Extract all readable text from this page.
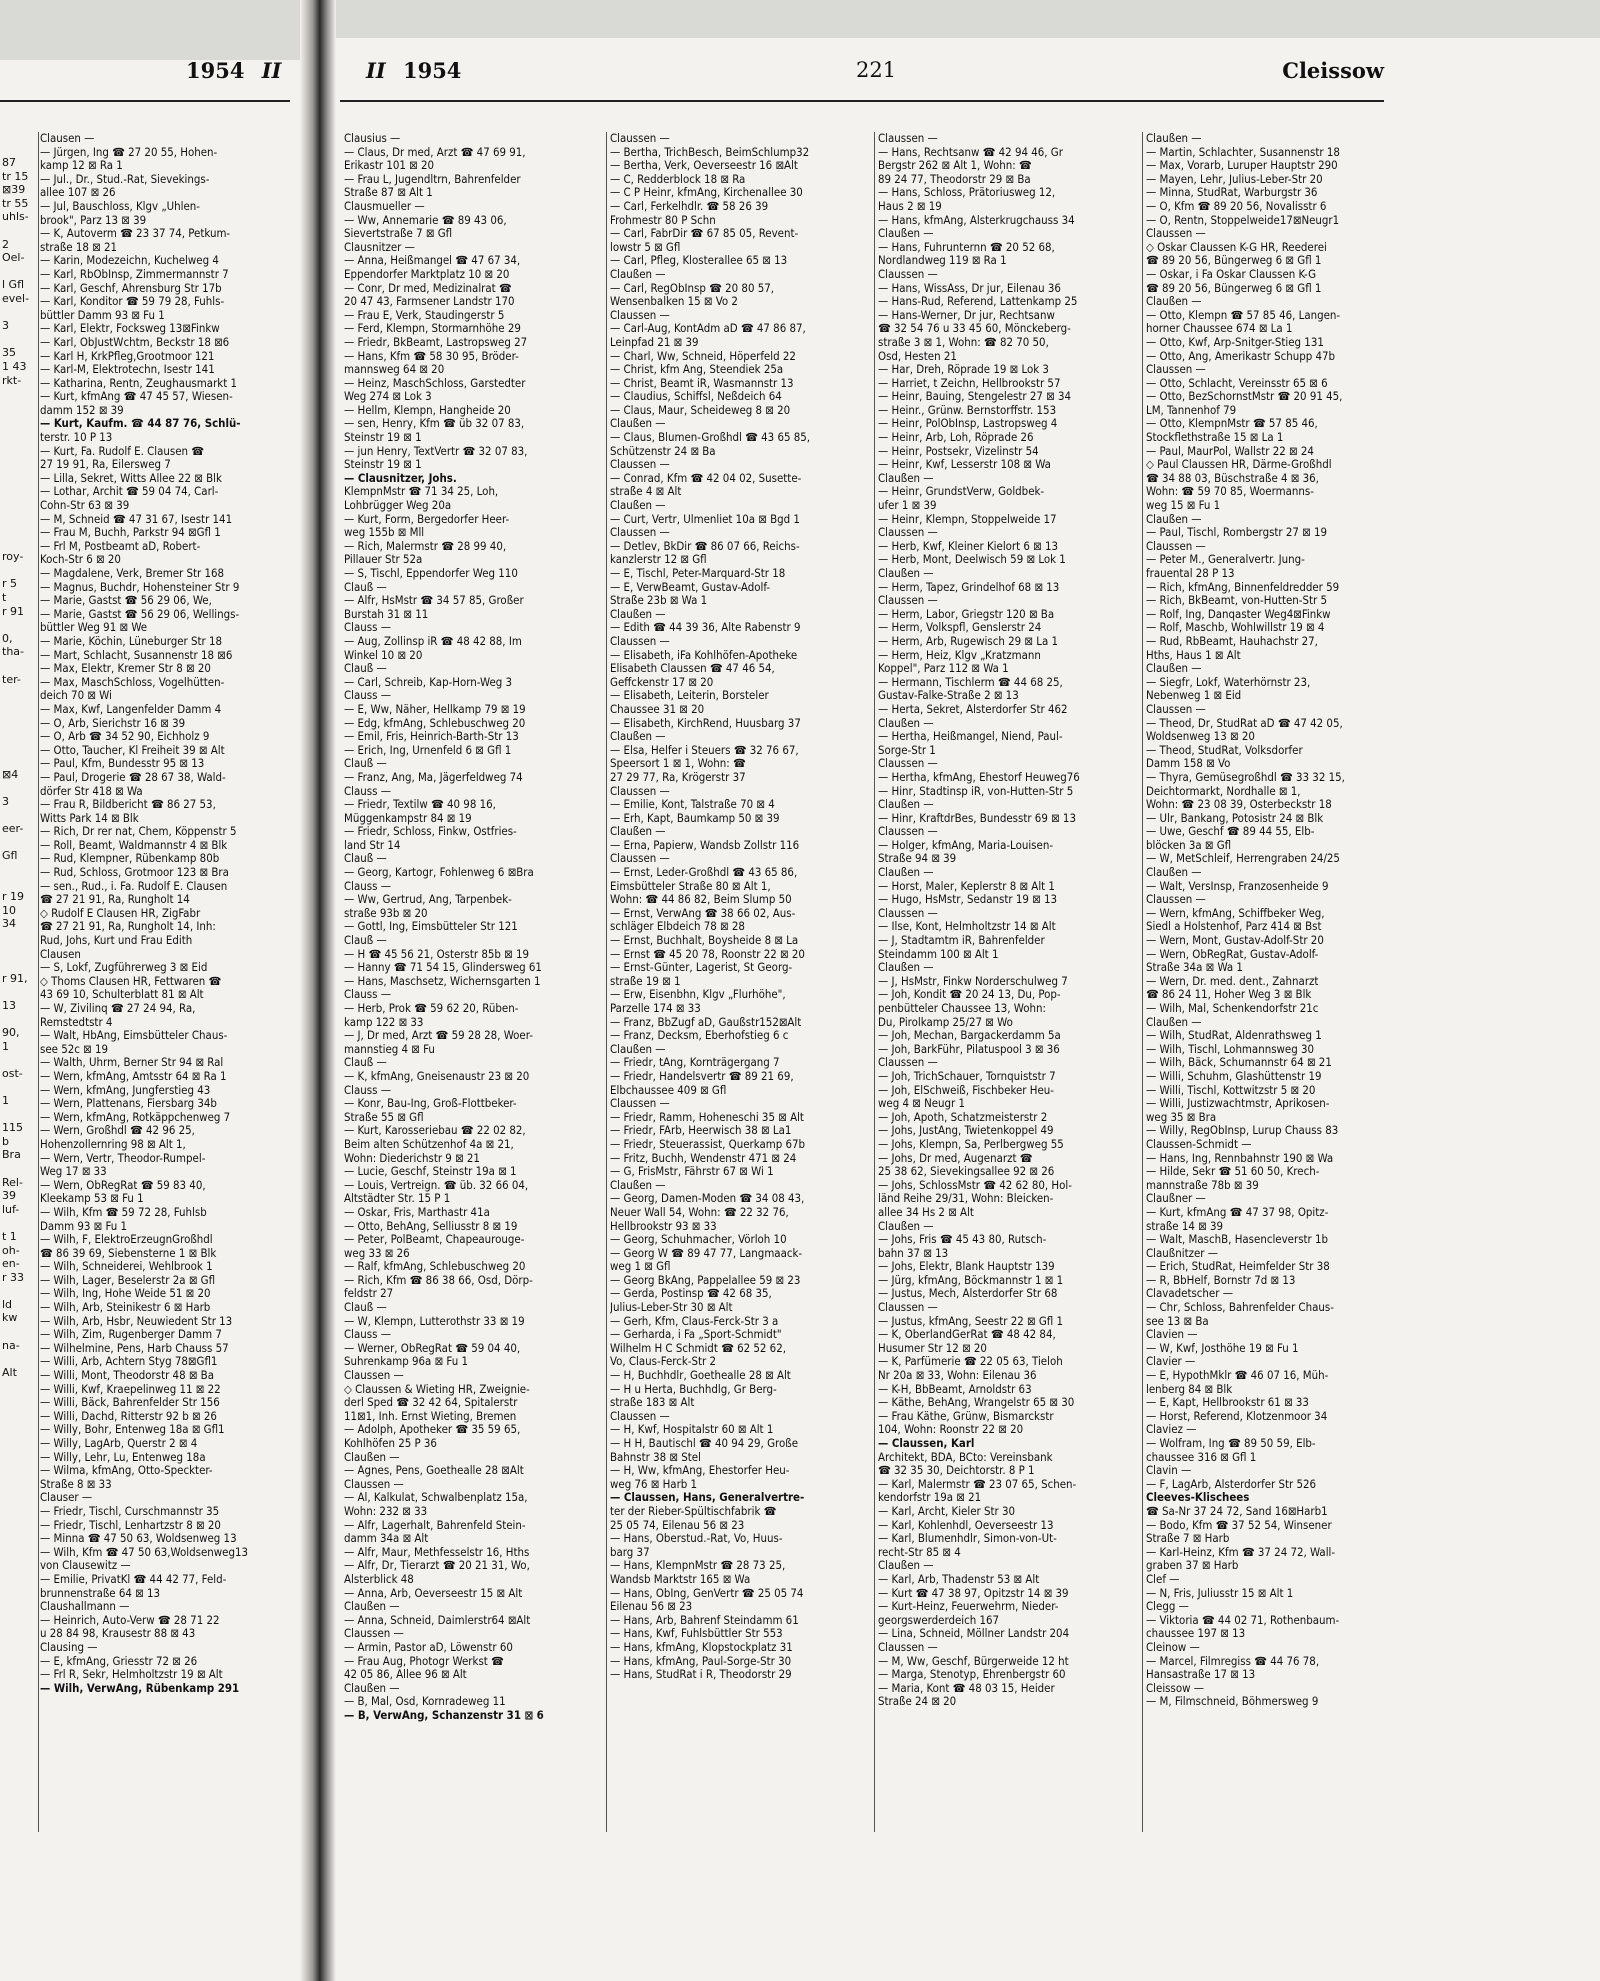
1954 II	II 1954	221	Cleissow
87
tr 15
⊠39
tr 55
uhls-
2
Oel-
l Gfl
evel-
3
35
1 43
rkt-
roy-
r 5
t
r 91
0,
tha-
ter-
⊠4
3
eer-
Gfl
r 19
10
34
r 91,
13
90,
1
ost-
1
115
b
Bra
Rel-
39
luf-
t 1
oh-
en-
r 33
ld
kw
na-
Alt
Clausen —
— Jürgen, Ing ☎ 27 20 55, Hohen-
kamp 12 ⊠ Ra 1
— Jul., Dr., Stud.-Rat, Sievekings-
allee 107 ⊠ 26
— Jul, Bauschloss, Klgv „Uhlen-
brook", Parz 13 ⊠ 39
— K, Autoverm ☎ 23 37 74, Petkum-
straße 18 ⊠ 21
— Karin, Modezeichn, Kuchelweg 4
— Karl, RbObInsp, Zimmermannstr 7
— Karl, Geschf, Ahrensburg Str 17b
— Karl, Konditor ☎ 59 79 28, Fuhls-
büttler Damm 93 ⊠ Fu 1
— Karl, Elektr, Focksweg 13⊠Finkw
— Karl, ObJustWchtm, Beckstr 18 ⊠6
— Karl H, KrkPfleg,Grootmoor 121
— Karl-M, Elektrotechn, Isestr 141
— Katharina, Rentn, Zeughausmarkt 1
— Kurt, kfmAng ☎ 47 45 57, Wiesen-
damm 152 ⊠ 39
— Kurt, Kaufm. ☎ 44 87 76, Schlü-
terstr. 10 P 13
— Kurt, Fa. Rudolf E. Clausen ☎
27 19 91, Ra, Eilersweg 7
— Lilla, Sekret, Witts Allee 22 ⊠ Blk
— Lothar, Archit ☎ 59 04 74, Carl-
Cohn-Str 63 ⊠ 39
— M, Schneid ☎ 47 31 67, Isestr 141
— Frau M, Buchh, Parkstr 94 ⊠Gfl 1
— Frl M, Postbeamt aD, Robert-
Koch-Str 6 ⊠ 20
— Magdalene, Verk, Bremer Str 168
— Magnus, Buchdr, Hohensteiner Str 9
— Marie, Gastst ☎ 56 29 06, We,
— Marie, Gastst ☎ 56 29 06, Wellings-
büttler Weg 91 ⊠ We
— Marie, Köchin, Lüneburger Str 18
— Mart, Schlacht, Susannenstr 18 ⊠6
— Max, Elektr, Kremer Str 8 ⊠ 20
— Max, MaschSchloss, Vogelhütten-
deich 70 ⊠ Wi
— Max, Kwf, Langenfelder Damm 4
— O, Arb, Sierichstr 16 ⊠ 39
— O, Arb ☎ 34 52 90, Eichholz 9
— Otto, Taucher, Kl Freiheit 39 ⊠ Alt
— Paul, Kfm, Bundesstr 95 ⊠ 13
— Paul, Drogerie ☎ 28 67 38, Wald-
dörfer Str 418 ⊠ Wa
— Frau R, Bildbericht ☎ 86 27 53,
Witts Park 14 ⊠ Blk
— Rich, Dr rer nat, Chem, Köppenstr 5
— Roll, Beamt, Waldmannstr 4 ⊠ Blk
— Rud, Klempner, Rübenkamp 80b
— Rud, Schloss, Grotmoor 123 ⊠ Bra
— sen., Rud., i. Fa. Rudolf E. Clausen
☎ 27 21 91, Ra, Rungholt 14
◇ Rudolf E Clausen HR, ZigFabr
☎ 27 21 91, Ra, Rungholt 14, Inh:
Rud, Johs, Kurt und Frau Edith
Clausen
— S, Lokf, Zugführerweg 3 ⊠ Eid
◇ Thoms Clausen HR, Fettwaren ☎
43 69 10, Schulterblatt 81 ⊠ Alt
— W, Zivilinq ☎ 27 24 94, Ra,
Remstedtstr 4
— Walt, HbAng, Eimsbütteler Chaus-
see 52c ⊠ 19
— Walth, Uhrm, Berner Str 94 ⊠ Ral
— Wern, kfmAng, Amtsstr 64 ⊠ Ra 1
— Wern, kfmAng, Jungferstieg 43
— Wern, Plattenans, Fiersbarg 34b
— Wern, kfmAng, Rotkäppchenweg 7
— Wern, Großhdl ☎ 42 96 25,
Hohenzollernring 98 ⊠ Alt 1,
— Wern, Vertr, Theodor-Rumpel-
Weg 17 ⊠ 33
— Wern, ObRegRat ☎ 59 83 40,
Kleekamp 53 ⊠ Fu 1
— Wilh, Kfm ☎ 59 72 28, Fuhlsb
Damm 93 ⊠ Fu 1
— Wilh, F, ElektroErzeugnGroßhdl
☎ 86 39 69, Siebensterne 1 ⊠ Blk
— Wilh, Schneiderei, Wehlbrook 1
— Wilh, Lager, Beselerstr 2a ⊠ Gfl
— Wilh, Ing, Hohe Weide 51 ⊠ 20
— Wilh, Arb, Steinikestr 6 ⊠ Harb
— Wilh, Arb, Hsbr, Neuwiedent Str 13
— Wilh, Zim, Rugenberger Damm 7
— Wilhelmine, Pens, Harb Chauss 57
— Willi, Arb, Achtern Styg 78⊠Gfl1
— Willi, Mont, Theodorstr 48 ⊠ Ba
— Willi, Kwf, Kraepelinweg 11 ⊠ 22
— Willi, Bäck, Bahrenfelder Str 156
— Willi, Dachd, Ritterstr 92 b ⊠ 26
— Willy, Bohr, Entenweg 18a ⊠ Gfl1
— Willy, LagArb, Querstr 2 ⊠ 4
— Willy, Lehr, Lu, Entenweg 18a
— Wilma, kfmAng, Otto-Speckter-
Straße 8 ⊠ 33
Clauser —
— Friedr, Tischl, Curschmannstr 35
— Friedr, Tischl, Lenhartzstr 8 ⊠ 20
— Minna ☎ 47 50 63, Woldsenweg 13
— Wilh, Kfm ☎ 47 50 63,Woldsenweg13
von Clausewitz —
— Emilie, PrivatKl ☎ 44 42 77, Feld-
brunnenstraße 64 ⊠ 13
Claushallmann —
— Heinrich, Auto-Verw ☎ 28 71 22
u 28 84 98, Krausestr 88 ⊠ 43
Clausing —
— E, kfmAng, Griesstr 72 ⊠ 26
— Frl R, Sekr, Helmholtzstr 19 ⊠ Alt
— Wilh, VerwAng, Rübenkamp 291
Clausius —
— Claus, Dr med, Arzt ☎ 47 69 91,
Erikastr 101 ⊠ 20
— Frau L, Jugendltrn, Bahrenfelder
Straße 87 ⊠ Alt 1
Clausmueller —
— Ww, Annemarie ☎ 89 43 06,
Sievertstraße 7 ⊠ Gfl
Clausnitzer —
— Anna, Heißmangel ☎ 47 67 34,
Eppendorfer Marktplatz 10 ⊠ 20
— Conr, Dr med, Medizinalrat ☎
20 47 43, Farmsener Landstr 170
— Frau E, Verk, Staudingerstr 5
— Ferd, Klempn, Stormarnhöhe 29
— Friedr, BkBeamt, Lastropsweg 27
— Hans, Kfm ☎ 58 30 95, Bröder-
mannsweg 64 ⊠ 20
— Heinz, MaschSchloss, Garstedter
Weg 274 ⊠ Lok 3
— Hellm, Klempn, Hangheide 20
— sen, Henry, Kfm ☎ üb 32 07 83,
Steinstr 19 ⊠ 1
— jun Henry, TextVertr ☎ 32 07 83,
Steinstr 19 ⊠ 1
— Clausnitzer, Johs.
KlempnMstr ☎ 71 34 25, Loh,
Lohbrügger Weg 20a
— Kurt, Form, Bergedorfer Heer-
weg 155b ⊠ Mll
— Rich, Malermstr ☎ 28 99 40,
Pillauer Str 52a
— S, Tischl, Eppendorfer Weg 110
Clauß —
— Alfr, HsMstr ☎ 34 57 85, Großer
Burstah 31 ⊠ 11
Clauss —
— Aug, Zollinsp iR ☎ 48 42 88, Im
Winkel 10 ⊠ 20
Clauß —
— Carl, Schreib, Kap-Horn-Weg 3
Clauss —
— E, Ww, Näher, Hellkamp 79 ⊠ 19
— Edg, kfmAng, Schlebuschweg 20
— Emil, Fris, Heinrich-Barth-Str 13
— Erich, Ing, Urnenfeld 6 ⊠ Gfl 1
Clauß —
— Franz, Ang, Ma, Jägerfeldweg 74
Clauss —
— Friedr, Textilw ☎ 40 98 16,
Müggenkampstr 84 ⊠ 19
— Friedr, Schloss, Finkw, Ostfries-
land Str 14
Clauß —
— Georg, Kartogr, Fohlenweg 6 ⊠Bra
Clauss —
— Ww, Gertrud, Ang, Tarpenbek-
straße 93b ⊠ 20
— Gottl, Ing, Eimsbütteler Str 121
Clauß —
— H ☎ 45 56 21, Osterstr 85b ⊠ 19
— Hanny ☎ 71 54 15, Glindersweg 61
— Hans, Maschsetz, Wichernsgarten 1
Clauss —
— Herb, Prok ☎ 59 62 20, Rüben-
kamp 122 ⊠ 33
— J, Dr med, Arzt ☎ 59 28 28, Woer-
mannstieg 4 ⊠ Fu
Clauß —
— K, kfmAng, Gneisenaustr 23 ⊠ 20
Clauss —
— Konr, Bau-Ing, Groß-Flottbeker-
Straße 55 ⊠ Gfl
— Kurt, Karosseriebau ☎ 22 02 82,
Beim alten Schützenhof 4a ⊠ 21,
Wohn: Diederichstr 9 ⊠ 21
— Lucie, Geschf, Steinstr 19a ⊠ 1
— Louis, Vertreign. ☎ üb. 32 66 04,
Altstädter Str. 15 P 1
— Oskar, Fris, Marthastr 41a
— Otto, BehAng, Selliusstr 8 ⊠ 19
— Peter, PolBeamt, Chapeaurouge-
weg 33 ⊠ 26
— Ralf, kfmAng, Schlebuschweg 20
— Rich, Kfm ☎ 86 38 66, Osd, Dörp-
feldstr 27
Clauß —
— W, Klempn, Lutterothstr 33 ⊠ 19
Clauss —
— Werner, ObRegRat ☎ 59 04 40,
Suhrenkamp 96a ⊠ Fu 1
Claussen —
◇ Claussen & Wieting HR, Zweignie-
derl Sped ☎ 32 42 64, Spitalerstr
11⊠1, Inh. Ernst Wieting, Bremen
— Adolph, Apotheker ☎ 35 59 65,
Kohlhöfen 25 P 36
Claußen —
— Agnes, Pens, Goethealle 28 ⊠Alt
Claussen —
— Al, Kalkulat, Schwalbenplatz 15a,
Wohn: 232 ⊠ 33
— Alfr, Lagerhalt, Bahrenfeld Stein-
damm 34a ⊠ Alt
— Alfr, Maur, Methfesselstr 16, Hths
— Alfr, Dr, Tierarzt ☎ 20 21 31, Wo,
Alsterblick 48
— Anna, Arb, Oeverseestr 15 ⊠ Alt
Claußen —
— Anna, Schneid, Daimlerstr64 ⊠Alt
Claussen —
— Armin, Pastor aD, Löwenstr 60
— Frau Aug, Photogr Werkst ☎
42 05 86, Allee 96 ⊠ Alt
Claußen —
— B, Mal, Osd, Kornradeweg 11
— B, VerwAng, Schanzenstr 31 ⊠ 6
Claussen —
— Bertha, TrichBesch, BeimSchlump32
— Bertha, Verk, Oeverseestr 16 ⊠Alt
— C, Redderblock 18 ⊠ Ra
— C P Heinr, kfmAng, Kirchenallee 30
— Carl, Ferkelhdlr. ☎ 58 26 39
Frohmestr 80 P Schn
— Carl, FabrDir ☎ 67 85 05, Revent-
lowstr 5 ⊠ Gfl
— Carl, Pfleg, Klosterallee 65 ⊠ 13
Claußen —
— Carl, RegObInsp ☎ 20 80 57,
Wensenbalken 15 ⊠ Vo 2
Claussen —
— Carl-Aug, KontAdm aD ☎ 47 86 87,
Leinpfad 21 ⊠ 39
— Charl, Ww, Schneid, Höperfeld 22
— Christ, kfm Ang, Steendiek 25a
— Christ, Beamt iR, Wasmannstr 13
— Claudius, Schiffsl, Neßdeich 64
— Claus, Maur, Scheideweg 8 ⊠ 20
Claußen —
— Claus, Blumen-Großhdl ☎ 43 65 85,
Schützenstr 24 ⊠ Ba
Claussen —
— Conrad, Kfm ☎ 42 04 02, Susette-
straße 4 ⊠ Alt
Claußen —
— Curt, Vertr, Ulmenliet 10a ⊠ Bgd 1
Claussen —
— Detlev, BkDir ☎ 86 07 66, Reichs-
kanzlerstr 12 ⊠ Gfl
— E, Tischl, Peter-Marquard-Str 18
— E, VerwBeamt, Gustav-Adolf-
Straße 23b ⊠ Wa 1
Claußen —
— Edith ☎ 44 39 36, Alte Rabenstr 9
Claussen —
— Elisabeth, iFa Kohlhöfen-Apotheke
Elisabeth Claussen ☎ 47 46 54,
Geffckenstr 17 ⊠ 20
— Elisabeth, Leiterin, Borsteler
Chaussee 31 ⊠ 20
— Elisabeth, KirchRend, Huusbarg 37
Claußen —
— Elsa, Helfer i Steuers ☎ 32 76 67,
Speersort 1 ⊠ 1, Wohn: ☎
27 29 77, Ra, Krögerstr 37
Claussen —
— Emilie, Kont, Talstraße 70 ⊠ 4
— Erh, Kapt, Baumkamp 50 ⊠ 39
Claußen —
— Erna, Papierw, Wandsb Zollstr 116
Claussen —
— Ernst, Leder-Großhdl ☎ 43 65 86,
Eimsbütteler Straße 80 ⊠ Alt 1,
Wohn: ☎ 44 86 82, Beim Slump 50
— Ernst, VerwAng ☎ 38 66 02, Aus-
schläger Elbdeich 78 ⊠ 28
— Ernst, Buchhalt, Boysheide 8 ⊠ La
— Ernst ☎ 45 20 78, Roonstr 22 ⊠ 20
— Ernst-Günter, Lagerist, St Georg-
straße 19 ⊠ 1
— Erw, Eisenbhn, Klgv „Flurhöhe",
Parzelle 174 ⊠ 33
— Franz, BbZugf aD, Gaußstr152⊠Alt
— Franz, Decksm, Eberhofstieg 6 c
Claußen —
— Friedr, tAng, Kornträgergang 7
— Friedr, Handelsvertr ☎ 89 21 69,
Elbchaussee 409 ⊠ Gfl
Claussen —
— Friedr, Ramm, Hoheneschi 35 ⊠ Alt
— Friedr, FArb, Heerwisch 38 ⊠ La1
— Friedr, Steuerassist, Querkamp 67b
— Fritz, Buchh, Wendenstr 471 ⊠ 24
— G, FrisMstr, Fährstr 67 ⊠ Wi 1
Claußen —
— Georg, Damen-Moden ☎ 34 08 43,
Neuer Wall 54, Wohn: ☎ 22 32 76,
Hellbrookstr 93 ⊠ 33
— Georg, Schuhmacher, Vörloh 10
— Georg W ☎ 89 47 77, Langmaack-
weg 1 ⊠ Gfl
— Georg BkAng, Pappelallee 59 ⊠ 23
— Gerda, Postinsp ☎ 42 68 35,
Julius-Leber-Str 30 ⊠ Alt
— Gerh, Kfm, Claus-Ferck-Str 3 a
— Gerharda, i Fa „Sport-Schmidt"
Wilhelm H C Schmidt ☎ 62 52 62,
Vo, Claus-Ferck-Str 2
— H, Buchhdlr, Goethealle 28 ⊠ Alt
— H u Herta, Buchhdlg, Gr Berg-
straße 183 ⊠ Alt
Claussen —
— H, Kwf, Hospitalstr 60 ⊠ Alt 1
— H H, Bautischl ☎ 40 94 29, Große
Bahnstr 38 ⊠ Stel
— H, Ww, kfmAng, Ehestorfer Heu-
weg 76 ⊠ Harb 1
— Claussen, Hans, Generalvertre-
ter der Rieber-Spültischfabrik ☎
25 05 74, Eilenau 56 ⊠ 23
— Hans, Oberstud.-Rat, Vo, Huus-
barg 37
— Hans, KlempnMstr ☎ 28 73 25,
Wandsb Marktstr 165 ⊠ Wa
— Hans, ObIng, GenVertr ☎ 25 05 74
Eilenau 56 ⊠ 23
— Hans, Arb, Bahrenf Steindamm 61
— Hans, Kwf, Fuhlsbüttler Str 553
— Hans, kfmAng, Klopstockplatz 31
— Hans, kfmAng, Paul-Sorge-Str 30
— Hans, StudRat i R, Theodorstr 29
Claussen —
— Hans, Rechtsanw ☎ 42 94 46, Gr
Bergstr 262 ⊠ Alt 1, Wohn: ☎
89 24 77, Theodorstr 29 ⊠ Ba
— Hans, Schloss, Prätoriusweg 12,
Haus 2 ⊠ 19
— Hans, kfmAng, Alsterkrugchauss 34
Claußen —
— Hans, Fuhrunternn ☎ 20 52 68,
Nordlandweg 119 ⊠ Ra 1
Claussen —
— Hans, WissAss, Dr jur, Eilenau 36
— Hans-Rud, Referend, Lattenkamp 25
— Hans-Werner, Dr jur, Rechtsanw
☎ 32 54 76 u 33 45 60, Mönckeberg-
straße 3 ⊠ 1, Wohn: ☎ 82 70 50,
Osd, Hesten 21
— Har, Dreh, Röprade 19 ⊠ Lok 3
— Harriet, t Zeichn, Hellbrookstr 57
— Heinr, Bauing, Stengelestr 27 ⊠ 34
— Heinr., Grünw. Bernstorffstr. 153
— Heinr, PolObInsp, Lastropsweg 4
— Heinr, Arb, Loh, Röprade 26
— Heinr, Postsekr, Vizelinstr 54
— Heinr, Kwf, Lesserstr 108 ⊠ Wa
Claußen —
— Heinr, GrundstVerw, Goldbek-
ufer 1 ⊠ 39
— Heinr, Klempn, Stoppelweide 17
Claussen —
— Herb, Kwf, Kleiner Kielort 6 ⊠ 13
— Herb, Mont, Deelwisch 59 ⊠ Lok 1
Claußen —
— Herm, Tapez, Grindelhof 68 ⊠ 13
Claussen —
— Herm, Labor, Griegstr 120 ⊠ Ba
— Herm, Volkspfl, Genslerstr 24
— Herm, Arb, Rugewisch 29 ⊠ La 1
— Herm, Heiz, Klgv „Kratzmann
Koppel", Parz 112 ⊠ Wa 1
— Hermann, Tischlerm ☎ 44 68 25,
Gustav-Falke-Straße 2 ⊠ 13
— Herta, Sekret, Alsterdorfer Str 462
Claußen —
— Hertha, Heißmangel, Niend, Paul-
Sorge-Str 1
Claussen —
— Hertha, kfmAng, Ehestorf Heuweg76
— Hinr, Stadtinsp iR, von-Hutten-Str 5
Claußen —
— Hinr, KraftdrBes, Bundesstr 69 ⊠ 13
Claussen —
— Holger, kfmAng, Maria-Louisen-
Straße 94 ⊠ 39
Claußen —
— Horst, Maler, Keplerstr 8 ⊠ Alt 1
— Hugo, HsMstr, Sedanstr 19 ⊠ 13
Claussen —
— Ilse, Kont, Helmholtzstr 14 ⊠ Alt
— J, Stadtamtm iR, Bahrenfelder
Steindamm 100 ⊠ Alt 1
Claußen —
— J, HsMstr, Finkw Norderschulweg 7
— Joh, Kondit ☎ 20 24 13, Du, Pop-
penbütteler Chaussee 13, Wohn:
Du, Pirolkamp 25/27 ⊠ Wo
— Joh, Mechan, Bargackerdamm 5a
— Joh, BarkFühr, Pilatuspool 3 ⊠ 36
Claussen —
— Joh, TrichSchauer, Tornquiststr 7
— Joh, ElSchweiß, Fischbeker Heu-
weg 4 ⊠ Neugr 1
— Joh, Apoth, Schatzmeisterstr 2
— Johs, JustAng, Twietenkoppel 49
— Johs, Klempn, Sa, Perlbergweg 55
— Johs, Dr med, Augenarzt ☎
25 38 62, Sievekingsallee 92 ⊠ 26
— Johs, SchlossMstr ☎ 42 62 80, Hol-
länd Reihe 29/31, Wohn: Bleicken-
allee 34 Hs 2 ⊠ Alt
Claußen —
— Johs, Fris ☎ 45 43 80, Rutsch-
bahn 37 ⊠ 13
— Johs, Elektr, Blank Hauptstr 139
— Jürg, kfmAng, Böckmannstr 1 ⊠ 1
— Justus, Mech, Alsterdorfer Str 68
Claussen —
— Justus, kfmAng, Seestr 22 ⊠ Gfl 1
— K, OberlandGerRat ☎ 48 42 84,
Husumer Str 12 ⊠ 20
— K, Parfümerie ☎ 22 05 63, Tieloh
Nr 20a ⊠ 33, Wohn: Eilenau 36
— K-H, BbBeamt, Arnoldstr 63
— Käthe, BehAng, Wrangelstr 65 ⊠ 30
— Frau Käthe, Grünw, Bismarckstr
104, Wohn: Roonstr 22 ⊠ 20
— Claussen, Karl
Architekt, BDA, BCto: Vereinsbank
☎ 32 35 30, Deichtorstr. 8 P 1
— Karl, Malermstr ☎ 23 07 65, Schen-
kendorfstr 19a ⊠ 21
— Karl, Archt, Kieler Str 30
— Karl, Kohlenhdl, Oeverseestr 13
— Karl, Blumenhdlr, Simon-von-Ut-
recht-Str 85 ⊠ 4
Claußen —
— Karl, Arb, Thadenstr 53 ⊠ Alt
— Kurt ☎ 47 38 97, Opitzstr 14 ⊠ 39
— Kurt-Heinz, Feuerwehrm, Nieder-
georgswerderdeich 167
— Lina, Schneid, Möllner Landstr 204
Claussen —
— M, Ww, Geschf, Bürgerweide 12 ht
— Marga, Stenotyp, Ehrenbergstr 60
— Maria, Kont ☎ 48 03 15, Heider
Straße 24 ⊠ 20
Claußen —
— Martin, Schlachter, Susannenstr 18
— Max, Vorarb, Luruper Hauptstr 290
— Mayen, Lehr, Julius-Leber-Str 20
— Minna, StudRat, Warburgstr 36
— O, Kfm ☎ 89 20 56, Novalisstr 6
— O, Rentn, Stoppelweide17⊠Neugr1
Claussen —
◇ Oskar Claussen K-G HR, Reederei
☎ 89 20 56, Büngerweg 6 ⊠ Gfl 1
— Oskar, i Fa Oskar Claussen K-G
☎ 89 20 56, Büngerweg 6 ⊠ Gfl 1
Claußen —
— Otto, Klempn ☎ 57 85 46, Langen-
horner Chaussee 674 ⊠ La 1
— Otto, Kwf, Arp-Snitger-Stieg 131
— Otto, Ang, Amerikastr Schupp 47b
Claussen —
— Otto, Schlacht, Vereinsstr 65 ⊠ 6
— Otto, BezSchornstMstr ☎ 20 91 45,
LM, Tannenhof 79
— Otto, KlempnMstr ☎ 57 85 46,
Stockflethstraße 15 ⊠ La 1
— Paul, MaurPol, Wallstr 22 ⊠ 24
◇ Paul Claussen HR, Därme-Großhdl
☎ 34 88 03, Büschstraße 4 ⊠ 36,
Wohn: ☎ 59 70 85, Woermanns-
weg 15 ⊠ Fu 1
Claußen —
— Paul, Tischl, Rombergstr 27 ⊠ 19
Claussen —
— Peter M., Generalvertr. Jung-
frauental 28 P 13
— Rich, kfmAng, Binnenfeldredder 59
— Rich, BkBeamt, von-Hutten-Str 5
— Rolf, Ing, Danqaster Weg4⊠Finkw
— Rolf, Maschb, Wohlwillstr 19 ⊠ 4
— Rud, RbBeamt, Hauhachstr 27,
Hths, Haus 1 ⊠ Alt
Claußen —
— Siegfr, Lokf, Waterhörnstr 23,
Nebenweg 1 ⊠ Eid
Claussen —
— Theod, Dr, StudRat aD ☎ 47 42 05,
Woldsenweg 13 ⊠ 20
— Theod, StudRat, Volksdorfer
Damm 158 ⊠ Vo
— Thyra, Gemüsegroßhdl ☎ 33 32 15,
Deichtormarkt, Nordhalle ⊠ 1,
Wohn: ☎ 23 08 39, Osterbeckstr 18
— Ulr, Bankang, Potosistr 24 ⊠ Blk
— Uwe, Geschf ☎ 89 44 55, Elb-
blöcken 3a ⊠ Gfl
— W, MetSchleif, Herrengraben 24/25
Claußen —
— Walt, VersInsp, Franzosenheide 9
Claussen —
— Wern, kfmAng, Schiffbeker Weg,
Siedl a Holstenhof, Parz 414 ⊠ Bst
— Wern, Mont, Gustav-Adolf-Str 20
— Wern, ObRegRat, Gustav-Adolf-
Straße 34a ⊠ Wa 1
— Wern, Dr. med. dent., Zahnarzt
☎ 86 24 11, Hoher Weg 3 ⊠ Blk
— Wilh, Mal, Schenkendorfstr 21c
Claußen —
— Wilh, StudRat, Aldenrathsweg 1
— Wilh, Tischl, Lohmannsweg 30
— Wilh, Bäck, Schumannstr 64 ⊠ 21
— Willi, Schuhm, Glashüttenstr 19
— Willi, Tischl, Kottwitzstr 5 ⊠ 20
— Willi, Justizwachtmstr, Aprikosen-
weg 35 ⊠ Bra
— Willy, RegObInsp, Lurup Chauss 83
Claussen-Schmidt —
— Hans, Ing, Rennbahnstr 190 ⊠ Wa
— Hilde, Sekr ☎ 51 60 50, Krech-
mannstraße 78b ⊠ 39
Claußner —
— Kurt, kfmAng ☎ 47 37 98, Opitz-
straße 14 ⊠ 39
— Walt, MaschB, Hasencleverstr 1b
Claußnitzer —
— Erich, StudRat, Heimfelder Str 38
— R, BbHelf, Bornstr 7d ⊠ 13
Clavadetscher —
— Chr, Schloss, Bahrenfelder Chaus-
see 13 ⊠ Ba
Clavien —
— W, Kwf, Josthöhe 19 ⊠ Fu 1
Clavier —
— E, HypothMklr ☎ 46 07 16, Müh-
lenberg 84 ⊠ Blk
— E, Kapt, Hellbrookstr 61 ⊠ 33
— Horst, Referend, Klotzenmoor 34
Claviez —
— Wolfram, Ing ☎ 89 50 59, Elb-
chaussee 316 ⊠ Gfl 1
Clavin —
— F, LagArb, Alsterdorfer Str 526
Cleeves-Klischees
☎ Sa-Nr 37 24 72, Sand 16⊠Harb1
— Bodo, Kfm ☎ 37 52 54, Winsener
Straße 7 ⊠ Harb
— Karl-Heinz, Kfm ☎ 37 24 72, Wall-
graben 37 ⊠ Harb
Clef —
— N, Fris, Juliusstr 15 ⊠ Alt 1
Clegg —
— Viktoria ☎ 44 02 71, Rothenbaum-
chaussee 197 ⊠ 13
Cleinow —
— Marcel, Filmregiss ☎ 44 76 78,
Hansastraße 17 ⊠ 13
Cleissow —
— M, Filmschneid, Böhmersweg 9
